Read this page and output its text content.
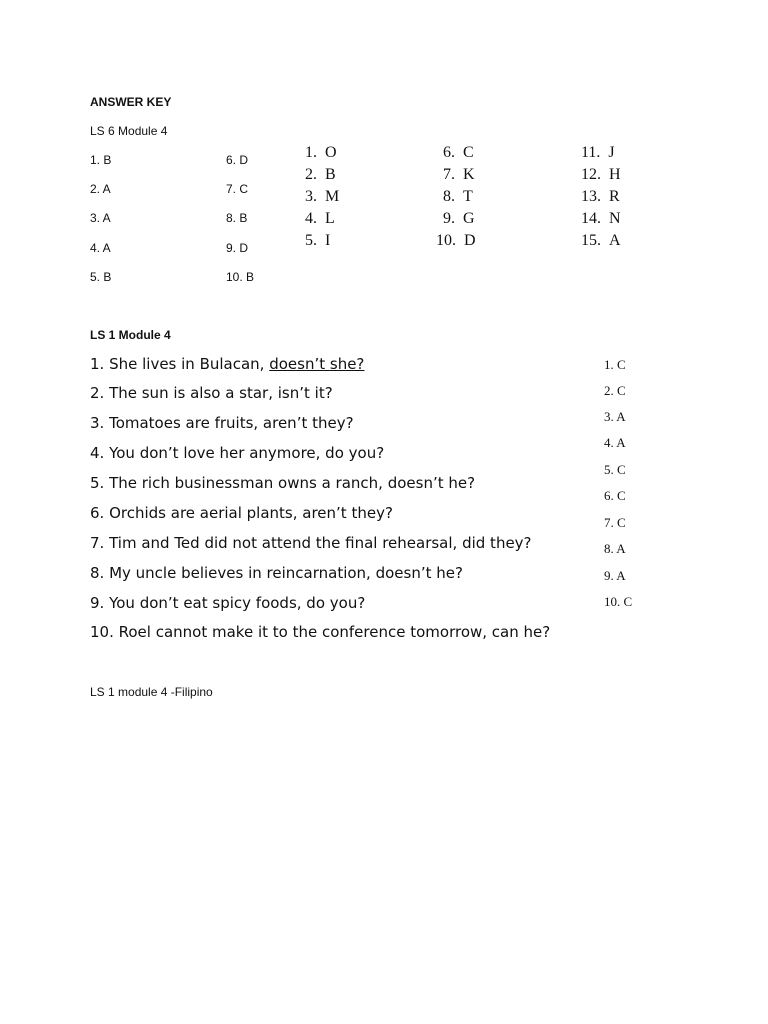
ANSWER KEY
LS 6 Module 4
1. B
2. A
3. A
4. A
5. B
6. D
7. C
8. B
9. D
10. B
1. O
2. B
3. M
4. L
5. I
6. C
7. K
8. T
9. G
10. D
11. J
12. H
13. R
14. N
15. A
LS 1 Module 4
1. She lives in Bulacan, doesn’t she?
2. The sun is also a star, isn’t it?
3. Tomatoes are fruits, aren’t they?
4. You don’t love her anymore, do you?
5. The rich businessman owns a ranch, doesn’t he?
6. Orchids are aerial plants, aren’t they?
7. Tim and Ted did not attend the final rehearsal, did they?
8. My uncle believes in reincarnation, doesn’t he?
9. You don’t eat spicy foods, do you?
10. Roel cannot make it to the conference tomorrow, can he?
1. C
2. C
3. A
4. A
5. C
6. C
7. C
8. A
9. A
10. C
LS 1 module 4 -Filipino
